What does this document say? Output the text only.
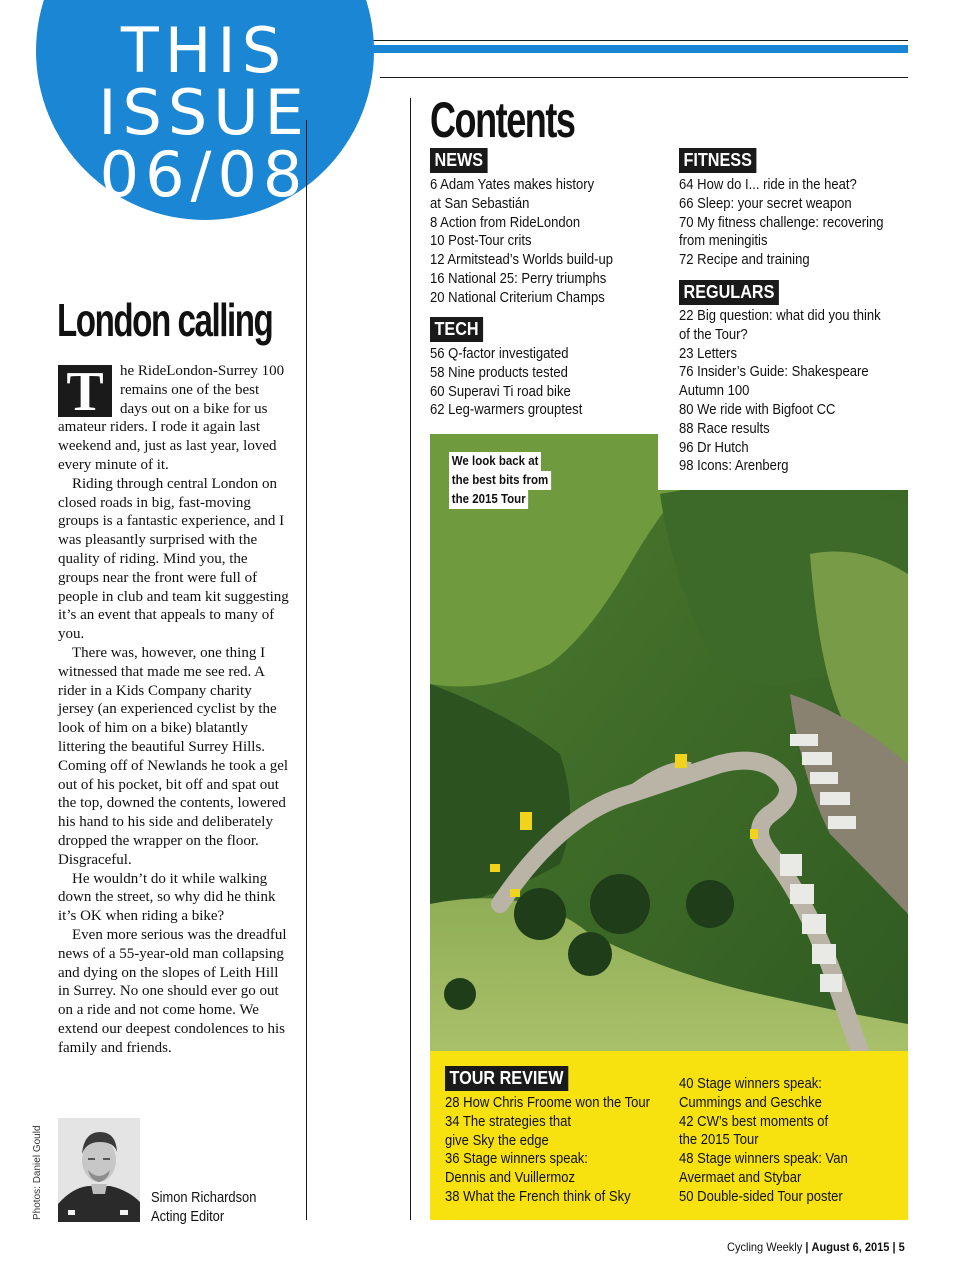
THIS
ISSUE
06/08
London calling

T	he RideLondon-Surrey 100 remains one of the best days out on a bike for us amateur riders. I rode it again last weekend and, just as last year, loved every minute of it.

Riding through central London on closed roads in big, fast-moving groups is a fantastic experience, and I was pleasantly surprised with the quality of riding. Mind you, the groups near the front were full of people in club and team kit suggesting it’s an event that appeals to many of you.

There was, however, one thing I witnessed that made me see red. A rider in a Kids Company charity jersey (an experienced cyclist by the look of him on a bike) blatantly littering the beautiful Surrey Hills. Coming off of Newlands he took a gel out of his pocket, bit off and spat out the top, downed the contents, lowered his hand to his side and deliberately dropped the wrapper on the floor. Disgraceful.

He wouldn’t do it while walking down the street, so why did he think it’s OK when riding a bike?

Even more serious was the dreadful news of a 55-year-old man collapsing and dying on the slopes of Leith Hill in Surrey. No one should ever go out on a ride and not come home. We extend our deepest condolences to his family and friends.

Photos: Daniel Gould	Simon Richardson
Acting Editor
Contents
NEWS
6 Adam Yates makes history
at San Sebastián
8 Action from RideLondon
10 Post-Tour crits
12 Armitstead’s Worlds build-up
16 National 25: Perry triumphs
20 National Criterium Champs
TECH
56 Q-factor investigated
58 Nine products tested
60 Superavi Ti road bike
62 Leg-warmers grouptest
FITNESS
64 How do I... ride in the heat?
66 Sleep: your secret weapon
70 My fitness challenge: recovering
from meningitis
72 Recipe and training
REGULARS
22 Big question: what did you think
of the Tour?
23 Letters
76 Insider’s Guide: Shakespeare
Autumn 100
80 We ride with Bigfoot CC
88 Race results
96 Dr Hutch
98 Icons: Arenberg
We look back at
the best bits from
the 2015 Tour
TOUR REVIEW
28 How Chris Froome won the Tour
34 The strategies that
give Sky the edge
36 Stage winners speak:
Dennis and Vuillermoz
38 What the French think of Sky
40 Stage winners speak:
Cummings and Geschke
42 CW’s best moments of
the 2015 Tour
48 Stage winners speak: Van
Avermaet and Stybar
50 Double-sided Tour poster
Cycling Weekly | August 6, 2015 | 5
